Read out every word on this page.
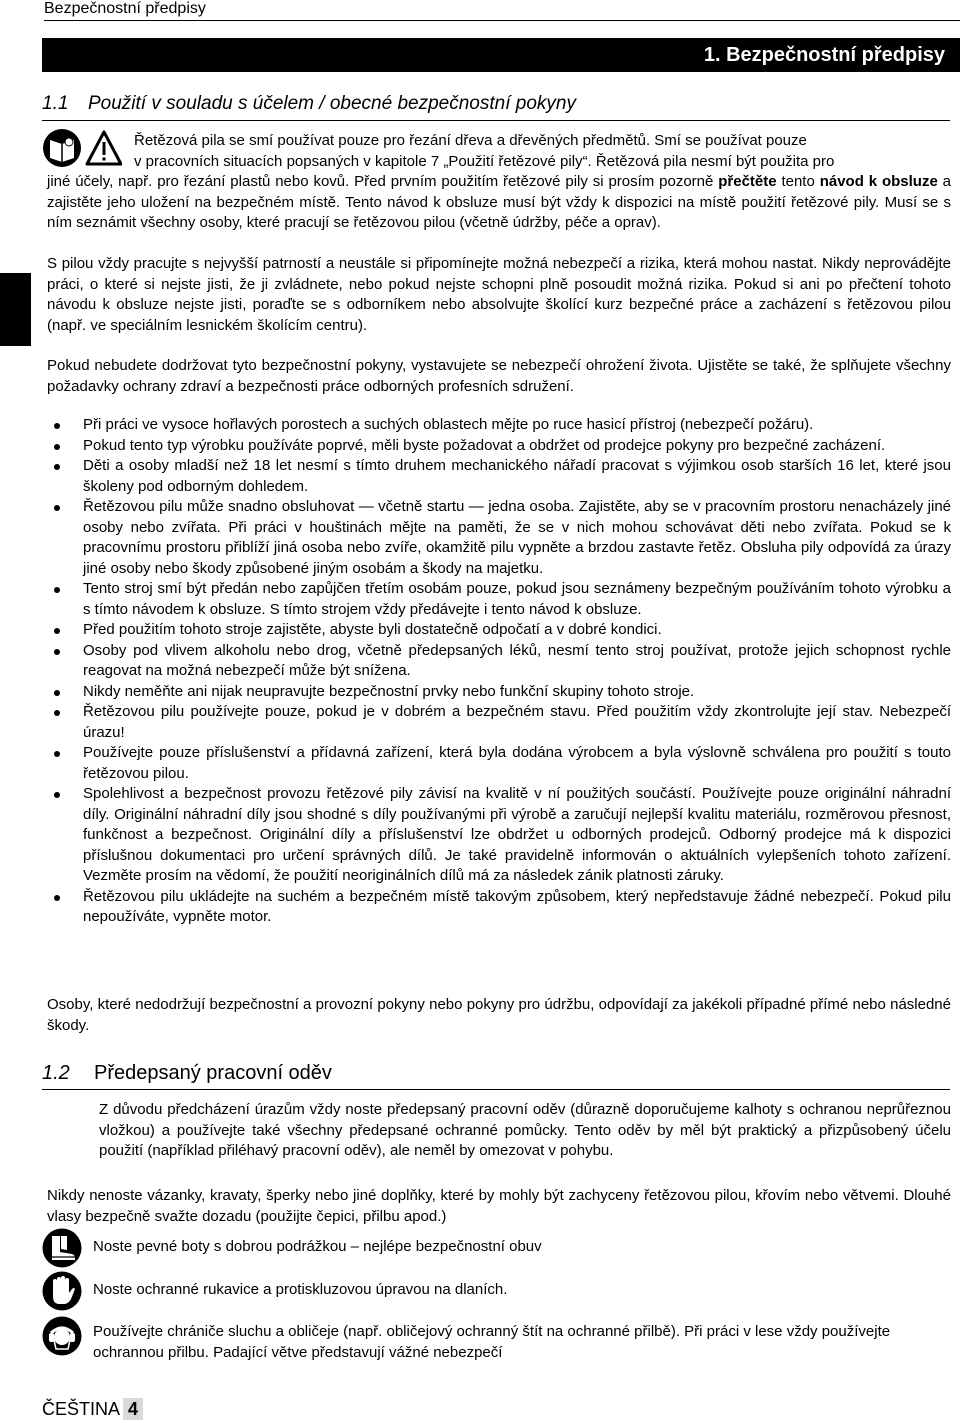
Bezpečnostní předpisy
1. Bezpečnostní předpisy
1.1 Použití v souladu s účelem / obecné bezpečnostní pokyny
Řetězová pila se smí používat pouze pro řezání dřeva a dřevěných předmětů. Smí se používat pouze
v pracovních situacích popsaných v kapitole 7 „Použití řetězové pily“. Řetězová pila nesmí být použita pro
jiné účely, např. pro řezání plastů nebo kovů. Před prvním použitím řetězové pily si prosím pozorně přečtěte tento návod k obsluze a zajistěte jeho uložení na bezpečném místě. Tento návod k obsluze musí být vždy k dispozici na místě použití řetězové pily. Musí se s ním seznámit všechny osoby, které pracují se řetězovou pilou (včetně údržby, péče a oprav).
S pilou vždy pracujte s nejvyšší patrností a neustále si připomínejte možná nebezpečí a rizika, která mohou nastat. Nikdy neprovádějte práci, o které si nejste jisti, že ji zvládnete, nebo pokud nejste schopni plně posoudit možná rizika. Pokud si ani po přečtení tohoto návodu k obsluze nejste jisti, poraďte se s odborníkem nebo absolvujte školící kurz bezpečné práce a zacházení s řetězovou pilou (např. ve speciálním lesnickém školícím centru).
Pokud nebudete dodržovat tyto bezpečnostní pokyny, vystavujete se nebezpečí ohrožení života. Ujistěte se také, že splňujete všechny požadavky ochrany zdraví a bezpečnosti práce odborných profesních sdružení.
Při práci ve vysoce hořlavých porostech a suchých oblastech mějte po ruce hasicí přístroj (nebezpečí požáru).
Pokud tento typ výrobku používáte poprvé, měli byste požadovat a obdržet od prodejce pokyny pro bezpečné zacházení.
Děti a osoby mladší než 18 let nesmí s tímto druhem mechanického nářadí pracovat s výjimkou osob starších 16 let, které jsou školeny pod odborným dohledem.
Řetězovou pilu může snadno obsluhovat — včetně startu — jedna osoba. Zajistěte, aby se v pracovním prostoru nenacházely jiné osoby nebo zvířata. Při práci v houštinách mějte na paměti, že se v nich mohou schovávat děti nebo zvířata. Pokud se k pracovnímu prostoru přiblíží jiná osoba nebo zvíře, okamžitě pilu vypněte a brzdou zastavte řetěz. Obsluha pily odpovídá za úrazy jiné osoby nebo škody způsobené jiným osobám a škody na majetku.
Tento stroj smí být předán nebo zapůjčen třetím osobám pouze, pokud jsou seznámeny bezpečným používáním tohoto výrobku a s tímto návodem k obsluze. S tímto strojem vždy předávejte i tento návod k obsluze.
Před použitím tohoto stroje zajistěte, abyste byli dostatečně odpočatí a v dobré kondici.
Osoby pod vlivem alkoholu nebo drog, včetně předepsaných léků, nesmí tento stroj používat, protože jejich schopnost rychle reagovat na možná nebezpečí může být snížena.
Nikdy neměňte ani nijak neupravujte bezpečnostní prvky nebo funkční skupiny tohoto stroje.
Řetězovou pilu používejte pouze, pokud je v dobrém a bezpečném stavu. Před použitím vždy zkontrolujte její stav. Nebezpečí úrazu!
Používejte pouze příslušenství a přídavná zařízení, která byla dodána výrobcem a byla výslovně schválena pro použití s touto řetězovou pilou.
Spolehlivost a bezpečnost provozu řetězové pily závisí na kvalitě v ní použitých součástí. Používejte pouze originální náhradní díly. Originální náhradní díly jsou shodné s díly používanými při výrobě a zaručují nejlepší kvalitu materiálu, rozměrovou přesnost, funkčnost a bezpečnost. Originální díly a příslušenství lze obdržet u odborných prodejců. Odborný prodejce má k dispozici příslušnou dokumentaci pro určení správných dílů. Je také pravidelně informován o aktuálních vylepšeních tohoto zařízení. Vezměte prosím na vědomí, že použití neoriginálních dílů má za následek zánik platnosti záruky.
Řetězovou pilu ukládejte na suchém a bezpečném místě takovým způsobem, který nepředstavuje žádné nebezpečí. Pokud pilu nepoužíváte, vypněte motor.
Osoby, které nedodržují bezpečnostní a provozní pokyny nebo pokyny pro údržbu, odpovídají za jakékoli případné přímé nebo následné škody.
1.2 Předepsaný pracovní oděv
Z důvodu předcházení úrazům vždy noste předepsaný pracovní oděv (důrazně doporučujeme kalhoty s ochranou neprůřeznou vložkou) a používejte také všechny předepsané ochranné pomůcky. Tento oděv by měl být praktický a přizpůsobený účelu použití (například přiléhavý pracovní oděv), ale neměl by omezovat v pohybu.
Nikdy nenoste vázanky, kravaty, šperky nebo jiné doplňky, které by mohly být zachyceny řetězovou pilou, křovím nebo větvemi. Dlouhé vlasy bezpečně svažte dozadu (použijte čepici, přilbu apod.)
Noste pevné boty s dobrou podrážkou – nejlépe bezpečnostní obuv
Noste ochranné rukavice a protiskluzovou úpravou na dlaních.
Používejte chrániče sluchu a obličeje (např. obličejový ochranný štít na ochranné přilbě). Při práci v lese vždy používejte ochrannou přilbu. Padající větve představují vážné nebezpečí
ČEŠTINA 4
